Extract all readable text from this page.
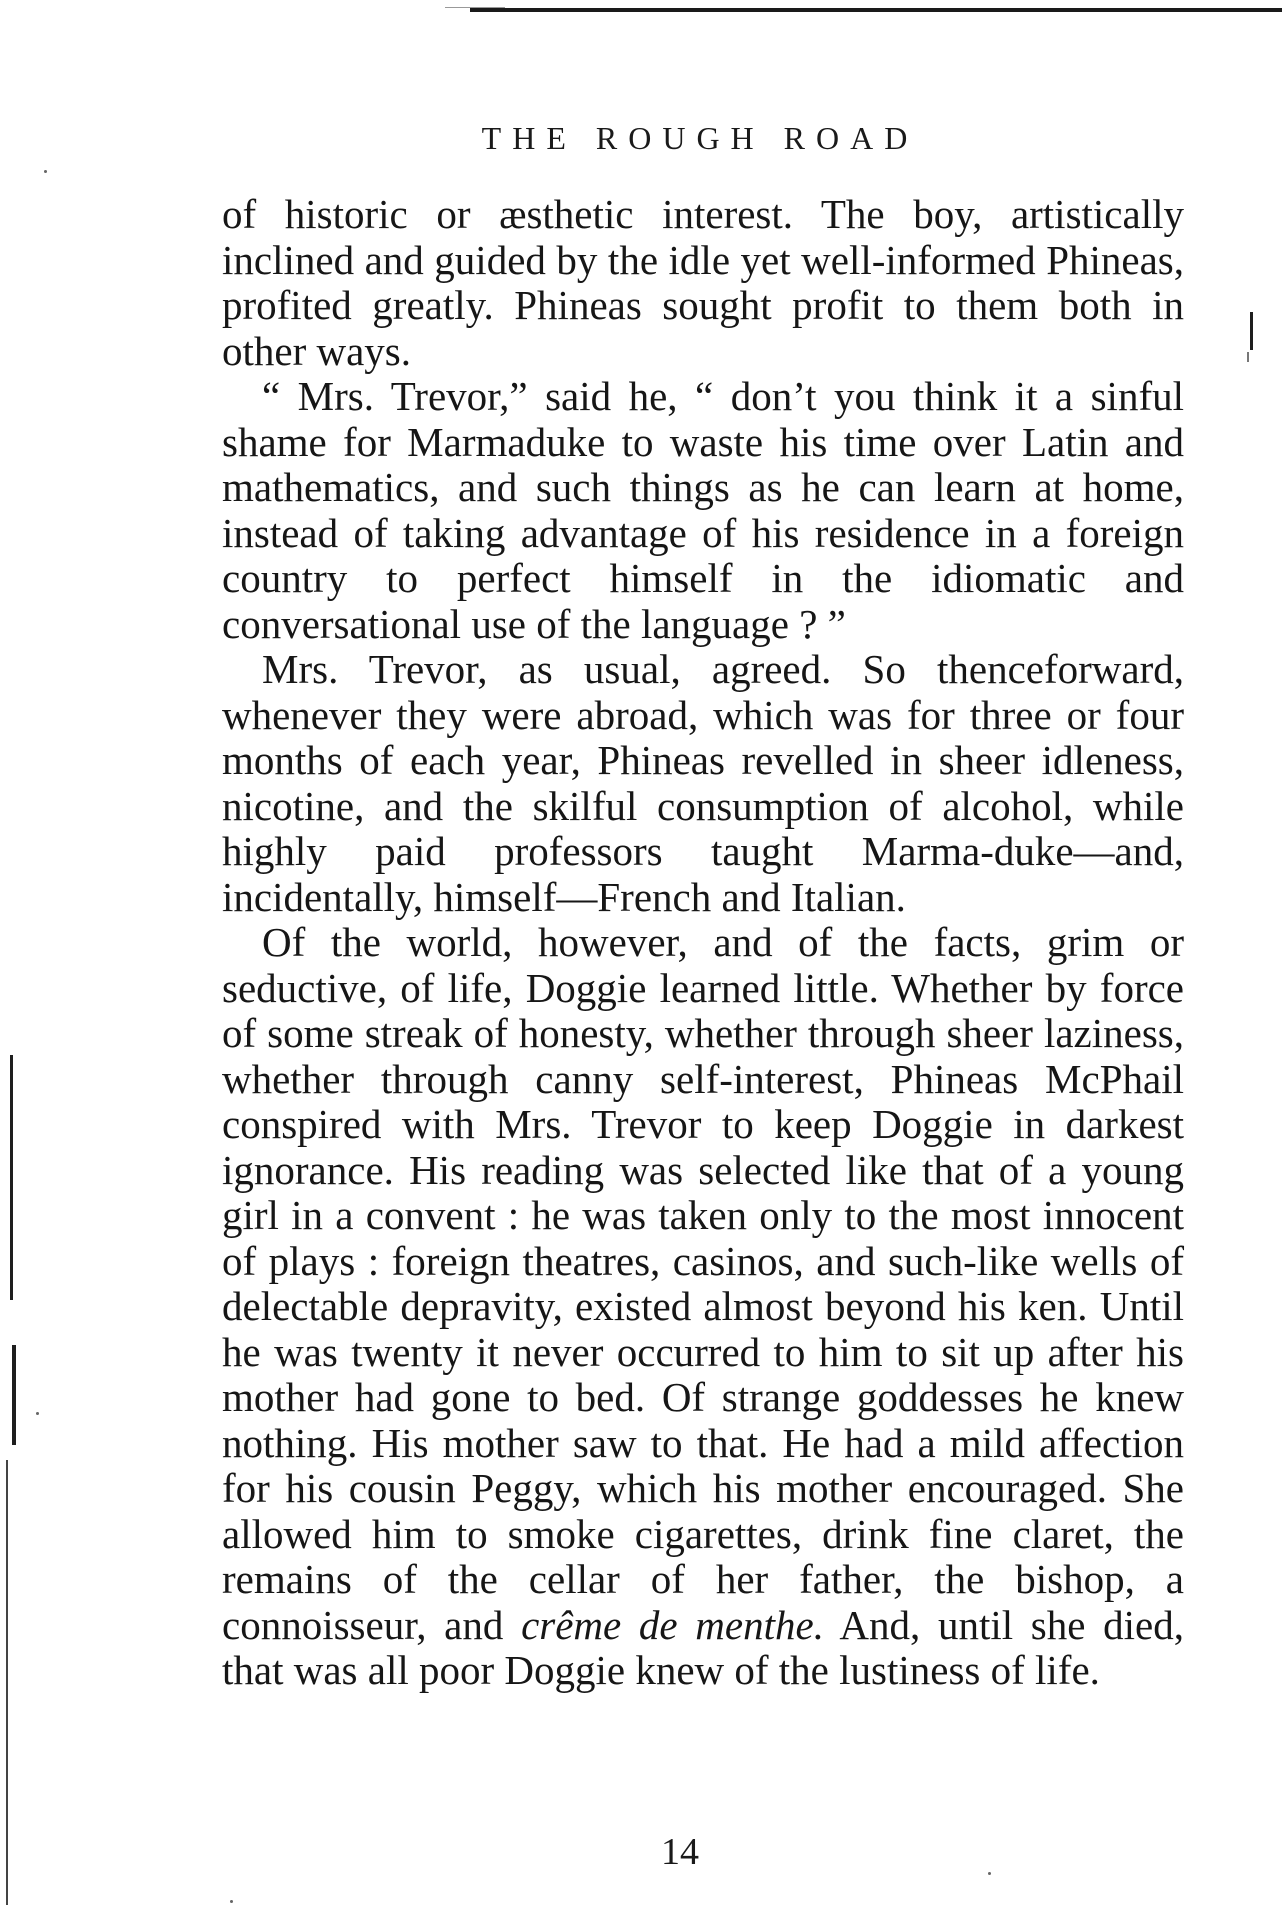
THE ROUGH ROAD

of historic or æsthetic interest. The boy, artistically inclined and guided by the idle yet well-informed Phineas, profited greatly. Phineas sought profit to them both in other ways.

“ Mrs. Trevor,” said he, “ don’t you think it a sinful shame for Marmaduke to waste his time over Latin and mathematics, and such things as he can learn at home, instead of taking advantage of his residence in a foreign country to perfect himself in the idiomatic and conversational use of the language ? ”

Mrs. Trevor, as usual, agreed. So thenceforward, whenever they were abroad, which was for three or four months of each year, Phineas revelled in sheer idleness, nicotine, and the skilful consumption of alcohol, while highly paid professors taught Marma-duke—and, incidentally, himself—French and Italian.

Of the world, however, and of the facts, grim or seductive, of life, Doggie learned little. Whether by force of some streak of honesty, whether through sheer laziness, whether through canny self-interest, Phineas McPhail conspired with Mrs. Trevor to keep Doggie in darkest ignorance. His reading was selected like that of a young girl in a convent : he was taken only to the most innocent of plays : foreign theatres, casinos, and such-like wells of delectable depravity, existed almost beyond his ken. Until he was twenty it never occurred to him to sit up after his mother had gone to bed. Of strange goddesses he knew nothing. His mother saw to that. He had a mild affection for his cousin Peggy, which his mother encouraged. She allowed him to smoke cigarettes, drink fine claret, the remains of the cellar of her father, the bishop, a connoisseur, and crême de menthe. And, until she died, that was all poor Doggie knew of the lustiness of life.

14
